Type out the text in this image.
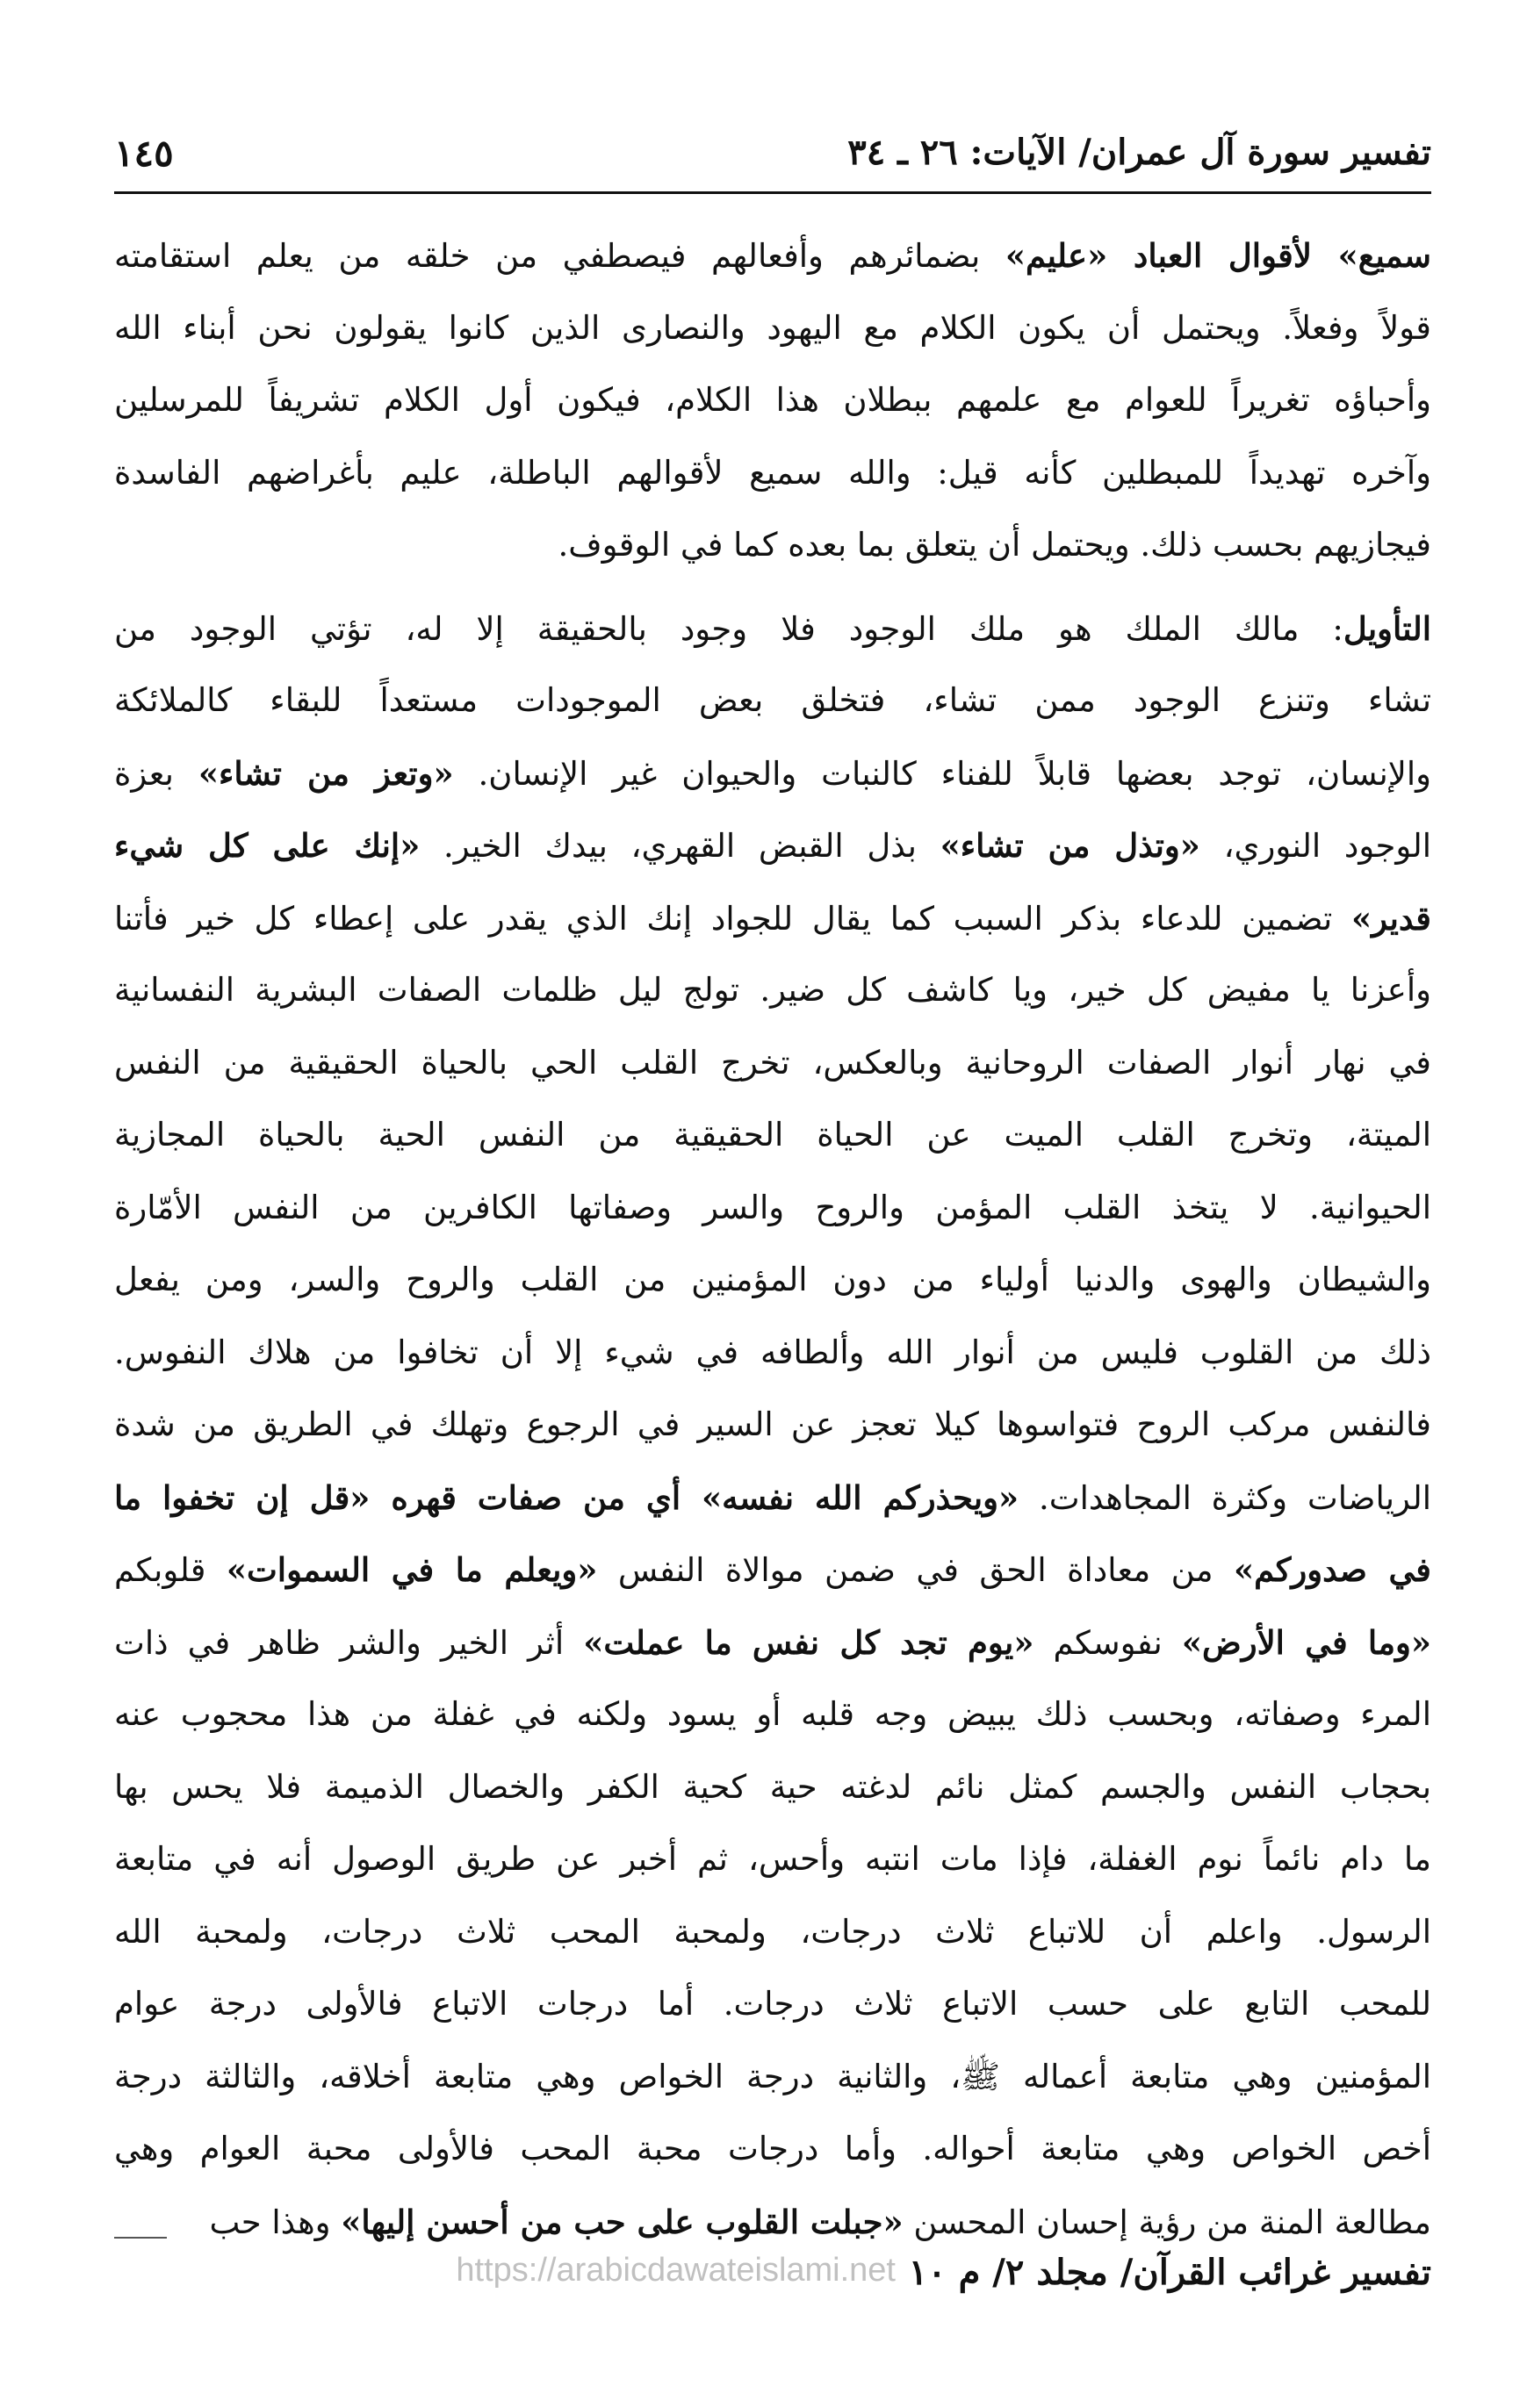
تفسير سورة آل عمران/ الآيات: ٢٦ ـ ٣٤
١٤٥

سميع» لأقوال العباد «عليم» بضمائرهم وأفعالهم فيصطفي من خلقه من يعلم استقامته
قولاً وفعلاً. ويحتمل أن يكون الكلام مع اليهود والنصارى الذين كانوا يقولون نحن أبناء الله
وأحباؤه تغريراً للعوام مع علمهم ببطلان هذا الكلام، فيكون أول الكلام تشريفاً للمرسلين
وآخره تهديداً للمبطلين كأنه قيل: والله سميع لأقوالهم الباطلة، عليم بأغراضهم الفاسدة
فيجازيهم بحسب ذلك. ويحتمل أن يتعلق بما بعده كما في الوقوف.

التأويل: مالك الملك هو ملك الوجود فلا وجود بالحقيقة إلا له، تؤتي الوجود من
تشاء وتنزع الوجود ممن تشاء، فتخلق بعض الموجودات مستعداً للبقاء كالملائكة
والإنسان، توجد بعضها قابلاً للفناء كالنبات والحيوان غير الإنسان. «وتعز من تشاء» بعزة
الوجود النوري، «وتذل من تشاء» بذل القبض القهري، بيدك الخير. «إنك على كل شيء
قدير» تضمين للدعاء بذكر السبب كما يقال للجواد إنك الذي يقدر على إعطاء كل خير فأتنا
وأعزنا يا مفيض كل خير، ويا كاشف كل ضير. تولج ليل ظلمات الصفات البشرية النفسانية
في نهار أنوار الصفات الروحانية وبالعكس، تخرج القلب الحي بالحياة الحقيقية من النفس
الميتة، وتخرج القلب الميت عن الحياة الحقيقية من النفس الحية بالحياة المجازية
الحيوانية. لا يتخذ القلب المؤمن والروح والسر وصفاتها الكافرين من النفس الأمّارة
والشيطان والهوى والدنيا أولياء من دون المؤمنين من القلب والروح والسر، ومن يفعل
ذلك من القلوب فليس من أنوار الله وألطافه في شيء إلا أن تخافوا من هلاك النفوس.
فالنفس مركب الروح فتواسوها كيلا تعجز عن السير في الرجوع وتهلك في الطريق من شدة
الرياضات وكثرة المجاهدات. «ويحذركم الله نفسه» أي من صفات قهره «قل إن تخفوا ما
في صدوركم» من معاداة الحق في ضمن موالاة النفس «ويعلم ما في السموات» قلوبكم
«وما في الأرض» نفوسكم «يوم تجد كل نفس ما عملت» أثر الخير والشر ظاهر في ذات
المرء وصفاته، وبحسب ذلك يبيض وجه قلبه أو يسود ولكنه في غفلة من هذا محجوب عنه
بحجاب النفس والجسم كمثل نائم لدغته حية كحية الكفر والخصال الذميمة فلا يحس بها
ما دام نائماً نوم الغفلة، فإذا مات انتبه وأحس، ثم أخبر عن طريق الوصول أنه في متابعة
الرسول. واعلم أن للاتباع ثلاث درجات، ولمحبة المحب ثلاث درجات، ولمحبة الله
للمحب التابع على حسب الاتباع ثلاث درجات. أما درجات الاتباع فالأولى درجة عوام
المؤمنين وهي متابعة أعماله ﷺ، والثانية درجة الخواص وهي متابعة أخلاقه، والثالثة درجة
أخص الخواص وهي متابعة أحواله. وأما درجات محبة المحب فالأولى محبة العوام وهي
مطالعة المنة من رؤية إحسان المحسن «جبلت القلوب على حب من أحسن إليها» وهذا حب

https://arabicdawateislami.net تفسير غرائب القرآن/ مجلد ٢/ م ١٠
